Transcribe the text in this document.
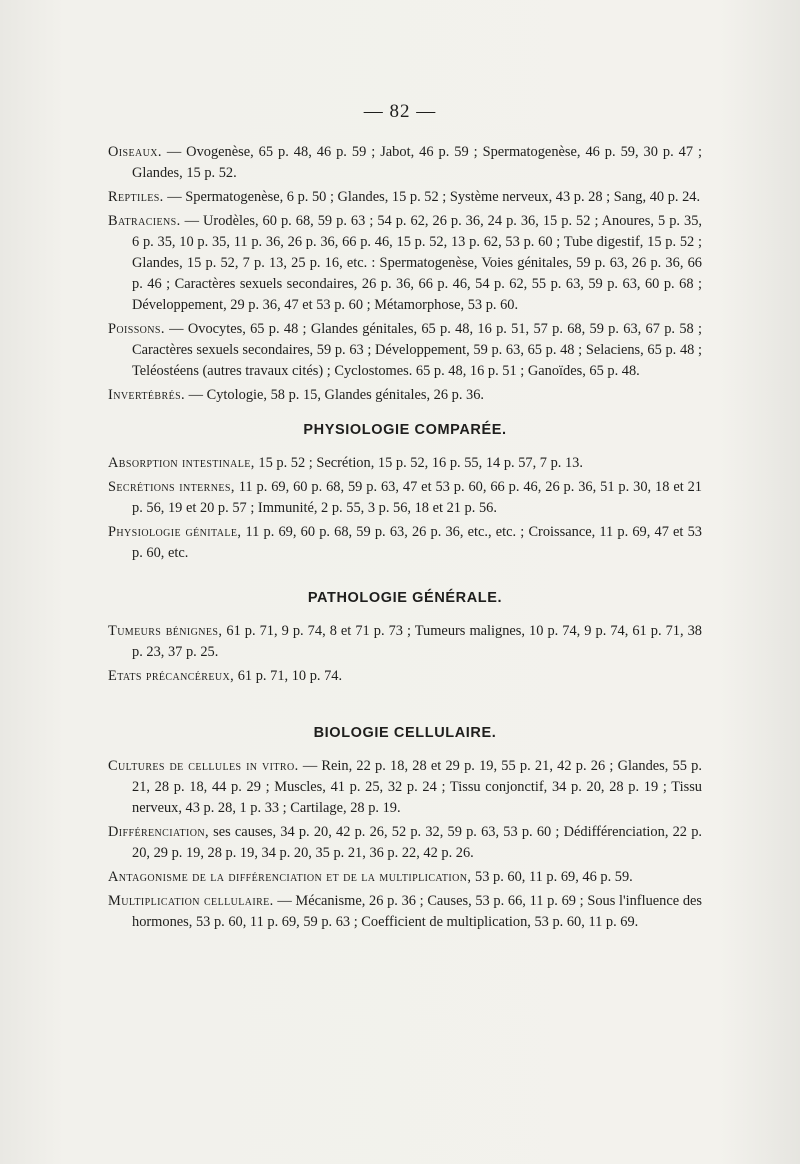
— 82 —

Oiseaux. — Ovogenèse, 65 p. 48, 46 p. 59 ; Jabot, 46 p. 59 ; Spermatogenèse, 46 p. 59, 30 p. 47 ; Glandes, 15 p. 52.

Reptiles. — Spermatogenèse, 6 p. 50 ; Glandes, 15 p. 52 ; Système nerveux, 43 p. 28 ; Sang, 40 p. 24.

Batraciens. — Urodèles, 60 p. 68, 59 p. 63 ; 54 p. 62, 26 p. 36, 24 p. 36, 15 p. 52 ; Anoures, 5 p. 35, 6 p. 35, 10 p. 35, 11 p. 36, 26 p. 36, 66 p. 46, 15 p. 52, 13 p. 62, 53 p. 60 ; Tube digestif, 15 p. 52 ; Glandes, 15 p. 52, 7 p. 13, 25 p. 16, etc. : Spermatogenèse, Voies génitales, 59 p. 63, 26 p. 36, 66 p. 46 ; Caractères sexuels secondaires, 26 p. 36, 66 p. 46, 54 p. 62, 55 p. 63, 59 p. 63, 60 p. 68 ; Développement, 29 p. 36, 47 et 53 p. 60 ; Métamorphose, 53 p. 60.

Poissons. — Ovocytes, 65 p. 48 ; Glandes génitales, 65 p. 48, 16 p. 51, 57 p. 68, 59 p. 63, 67 p. 58 ; Caractères sexuels secondaires, 59 p. 63 ; Développement, 59 p. 63, 65 p. 48 ; Selaciens, 65 p. 48 ; Teléostéens (autres travaux cités) ; Cyclostomes. 65 p. 48, 16 p. 51 ; Ganoïdes, 65 p. 48.

Invertébrés. — Cytologie, 58 p. 15, Glandes génitales, 26 p. 36.

PHYSIOLOGIE COMPARÉE.

Absorption intestinale, 15 p. 52 ; Secrétion, 15 p. 52, 16 p. 55, 14 p. 57, 7 p. 13.

Secrétions internes, 11 p. 69, 60 p. 68, 59 p. 63, 47 et 53 p. 60, 66 p. 46, 26 p. 36, 51 p. 30, 18 et 21 p. 56, 19 et 20 p. 57 ; Immunité, 2 p. 55, 3 p. 56, 18 et 21 p. 56.

Physiologie génitale, 11 p. 69, 60 p. 68, 59 p. 63, 26 p. 36, etc., etc. ; Croissance, 11 p. 69, 47 et 53 p. 60, etc.

PATHOLOGIE GÉNÉRALE.

Tumeurs bénignes, 61 p. 71, 9 p. 74, 8 et 71 p. 73 ; Tumeurs malignes, 10 p. 74, 9 p. 74, 61 p. 71, 38 p. 23, 37 p. 25.

Etats précancéreux, 61 p. 71, 10 p. 74.

BIOLOGIE CELLULAIRE.

Cultures de cellules in vitro. — Rein, 22 p. 18, 28 et 29 p. 19, 55 p. 21, 42 p. 26 ; Glandes, 55 p. 21, 28 p. 18, 44 p. 29 ; Muscles, 41 p. 25, 32 p. 24 ; Tissu conjonctif, 34 p. 20, 28 p. 19 ; Tissu nerveux, 43 p. 28, 1 p. 33 ; Cartilage, 28 p. 19.

Différenciation, ses causes, 34 p. 20, 42 p. 26, 52 p. 32, 59 p. 63, 53 p. 60 ; Dédifférenciation, 22 p. 20, 29 p. 19, 28 p. 19, 34 p. 20, 35 p. 21, 36 p. 22, 42 p. 26.

Antagonisme de la différenciation et de la multiplication, 53 p. 60, 11 p. 69, 46 p. 59.

Multiplication cellulaire. — Mécanisme, 26 p. 36 ; Causes, 53 p. 66, 11 p. 69 ; Sous l'influence des hormones, 53 p. 60, 11 p. 69, 59 p. 63 ; Coefficient de multiplication, 53 p. 60, 11 p. 69.
